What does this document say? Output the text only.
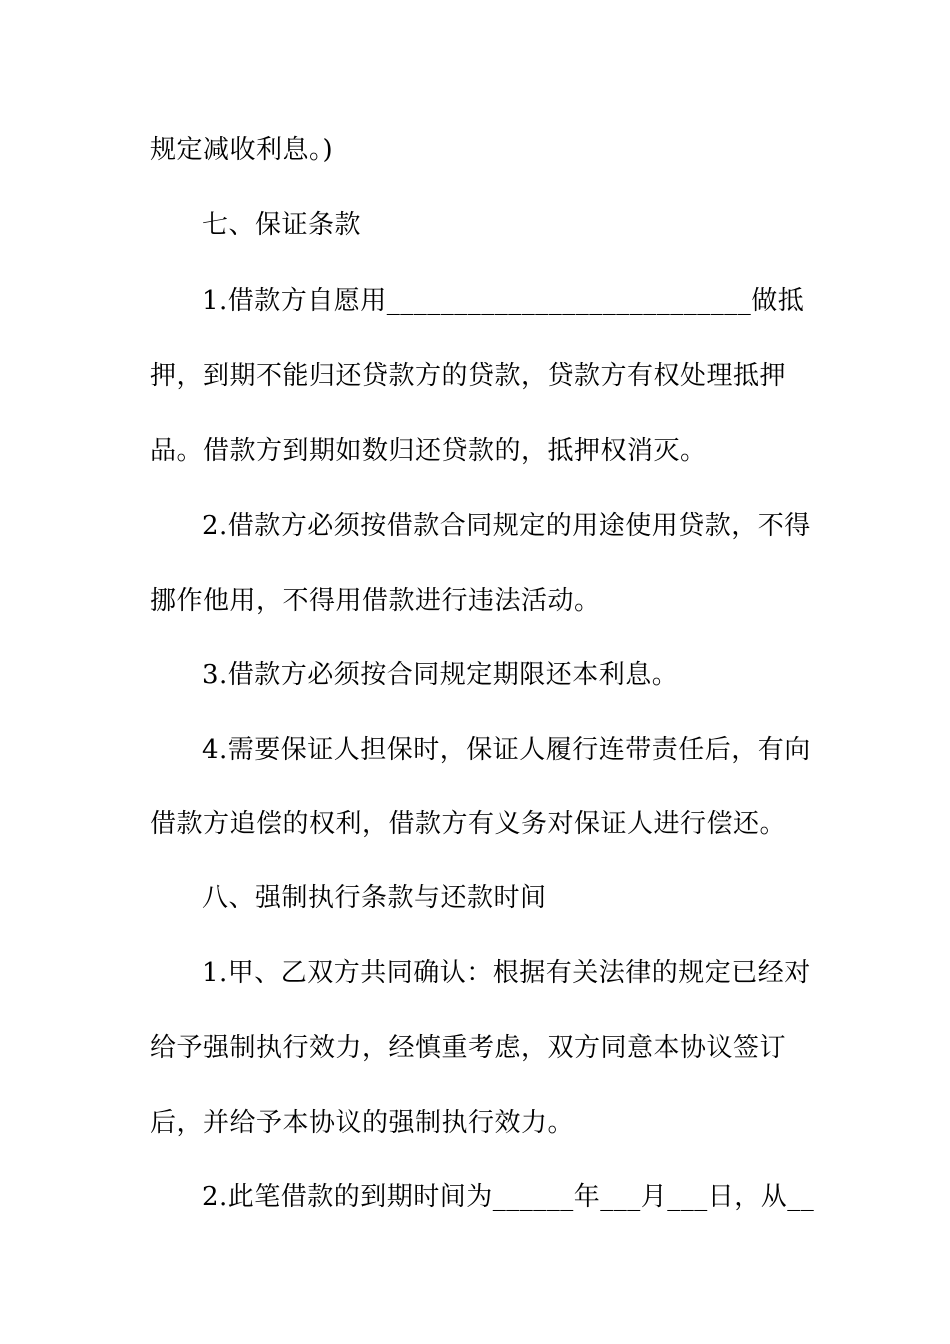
规定减收利息。)
七、保证条款
1.借款方自愿用___________________________做抵
押，到期不能归还贷款方的贷款，贷款方有权处理抵押
品。借款方到期如数归还贷款的，抵押权消灭。
2.借款方必须按借款合同规定的用途使用贷款，不得
挪作他用，不得用借款进行违法活动。
3.借款方必须按合同规定期限还本利息。
4.需要保证人担保时，保证人履行连带责任后，有向
借款方追偿的权利，借款方有义务对保证人进行偿还。
八、强制执行条款与还款时间
1.甲、乙双方共同确认：根据有关法律的规定已经对
给予强制执行效力，经慎重考虑，双方同意本协议签订
后，并给予本协议的强制执行效力。
2.此笔借款的到期时间为______年___月___日，从__
